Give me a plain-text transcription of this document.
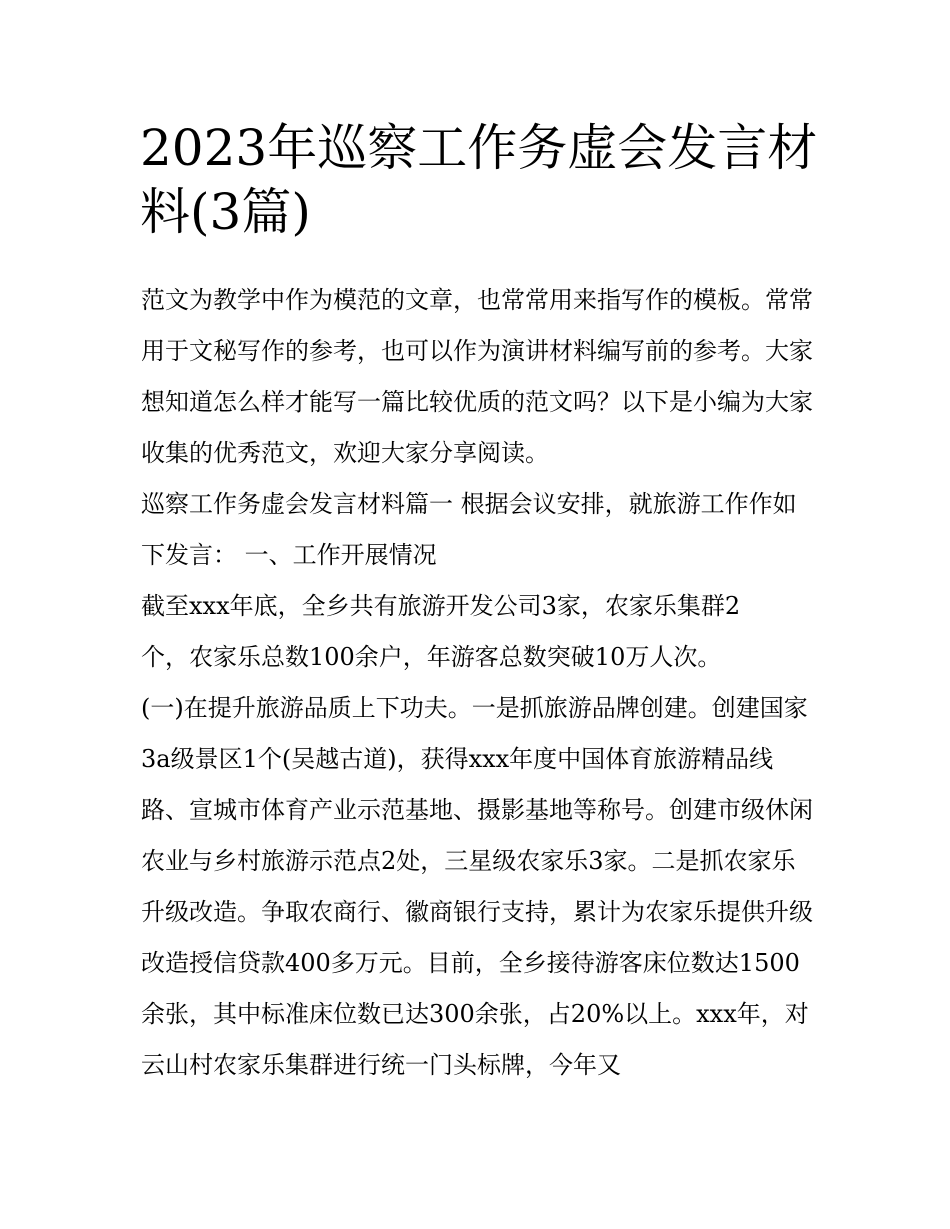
2023年巡察工作务虚会发言材料(3篇)

范文为教学中作为模范的文章，也常常用来指写作的模板。常常用于文秘写作的参考，也可以作为演讲材料编写前的参考。大家想知道怎么样才能写一篇比较优质的范文吗？以下是小编为大家收集的优秀范文，欢迎大家分享阅读。

巡察工作务虚会发言材料篇一 根据会议安排，就旅游工作作如下发言： 一、工作开展情况

截至xxx年底，全乡共有旅游开发公司3家，农家乐集群2个，农家乐总数100余户，年游客总数突破10万人次。

(一)在提升旅游品质上下功夫。一是抓旅游品牌创建。创建国家3a级景区1个(吴越古道)，获得xxx年度中国体育旅游精品线路、宣城市体育产业示范基地、摄影基地等称号。创建市级休闲农业与乡村旅游示范点2处，三星级农家乐3家。二是抓农家乐升级改造。争取农商行、徽商银行支持，累计为农家乐提供升级改造授信贷款400多万元。目前，全乡接待游客床位数达1500余张，其中标准床位数已达300余张，占20%以上。xxx年，对云山村农家乐集群进行统一门头标牌，今年又
